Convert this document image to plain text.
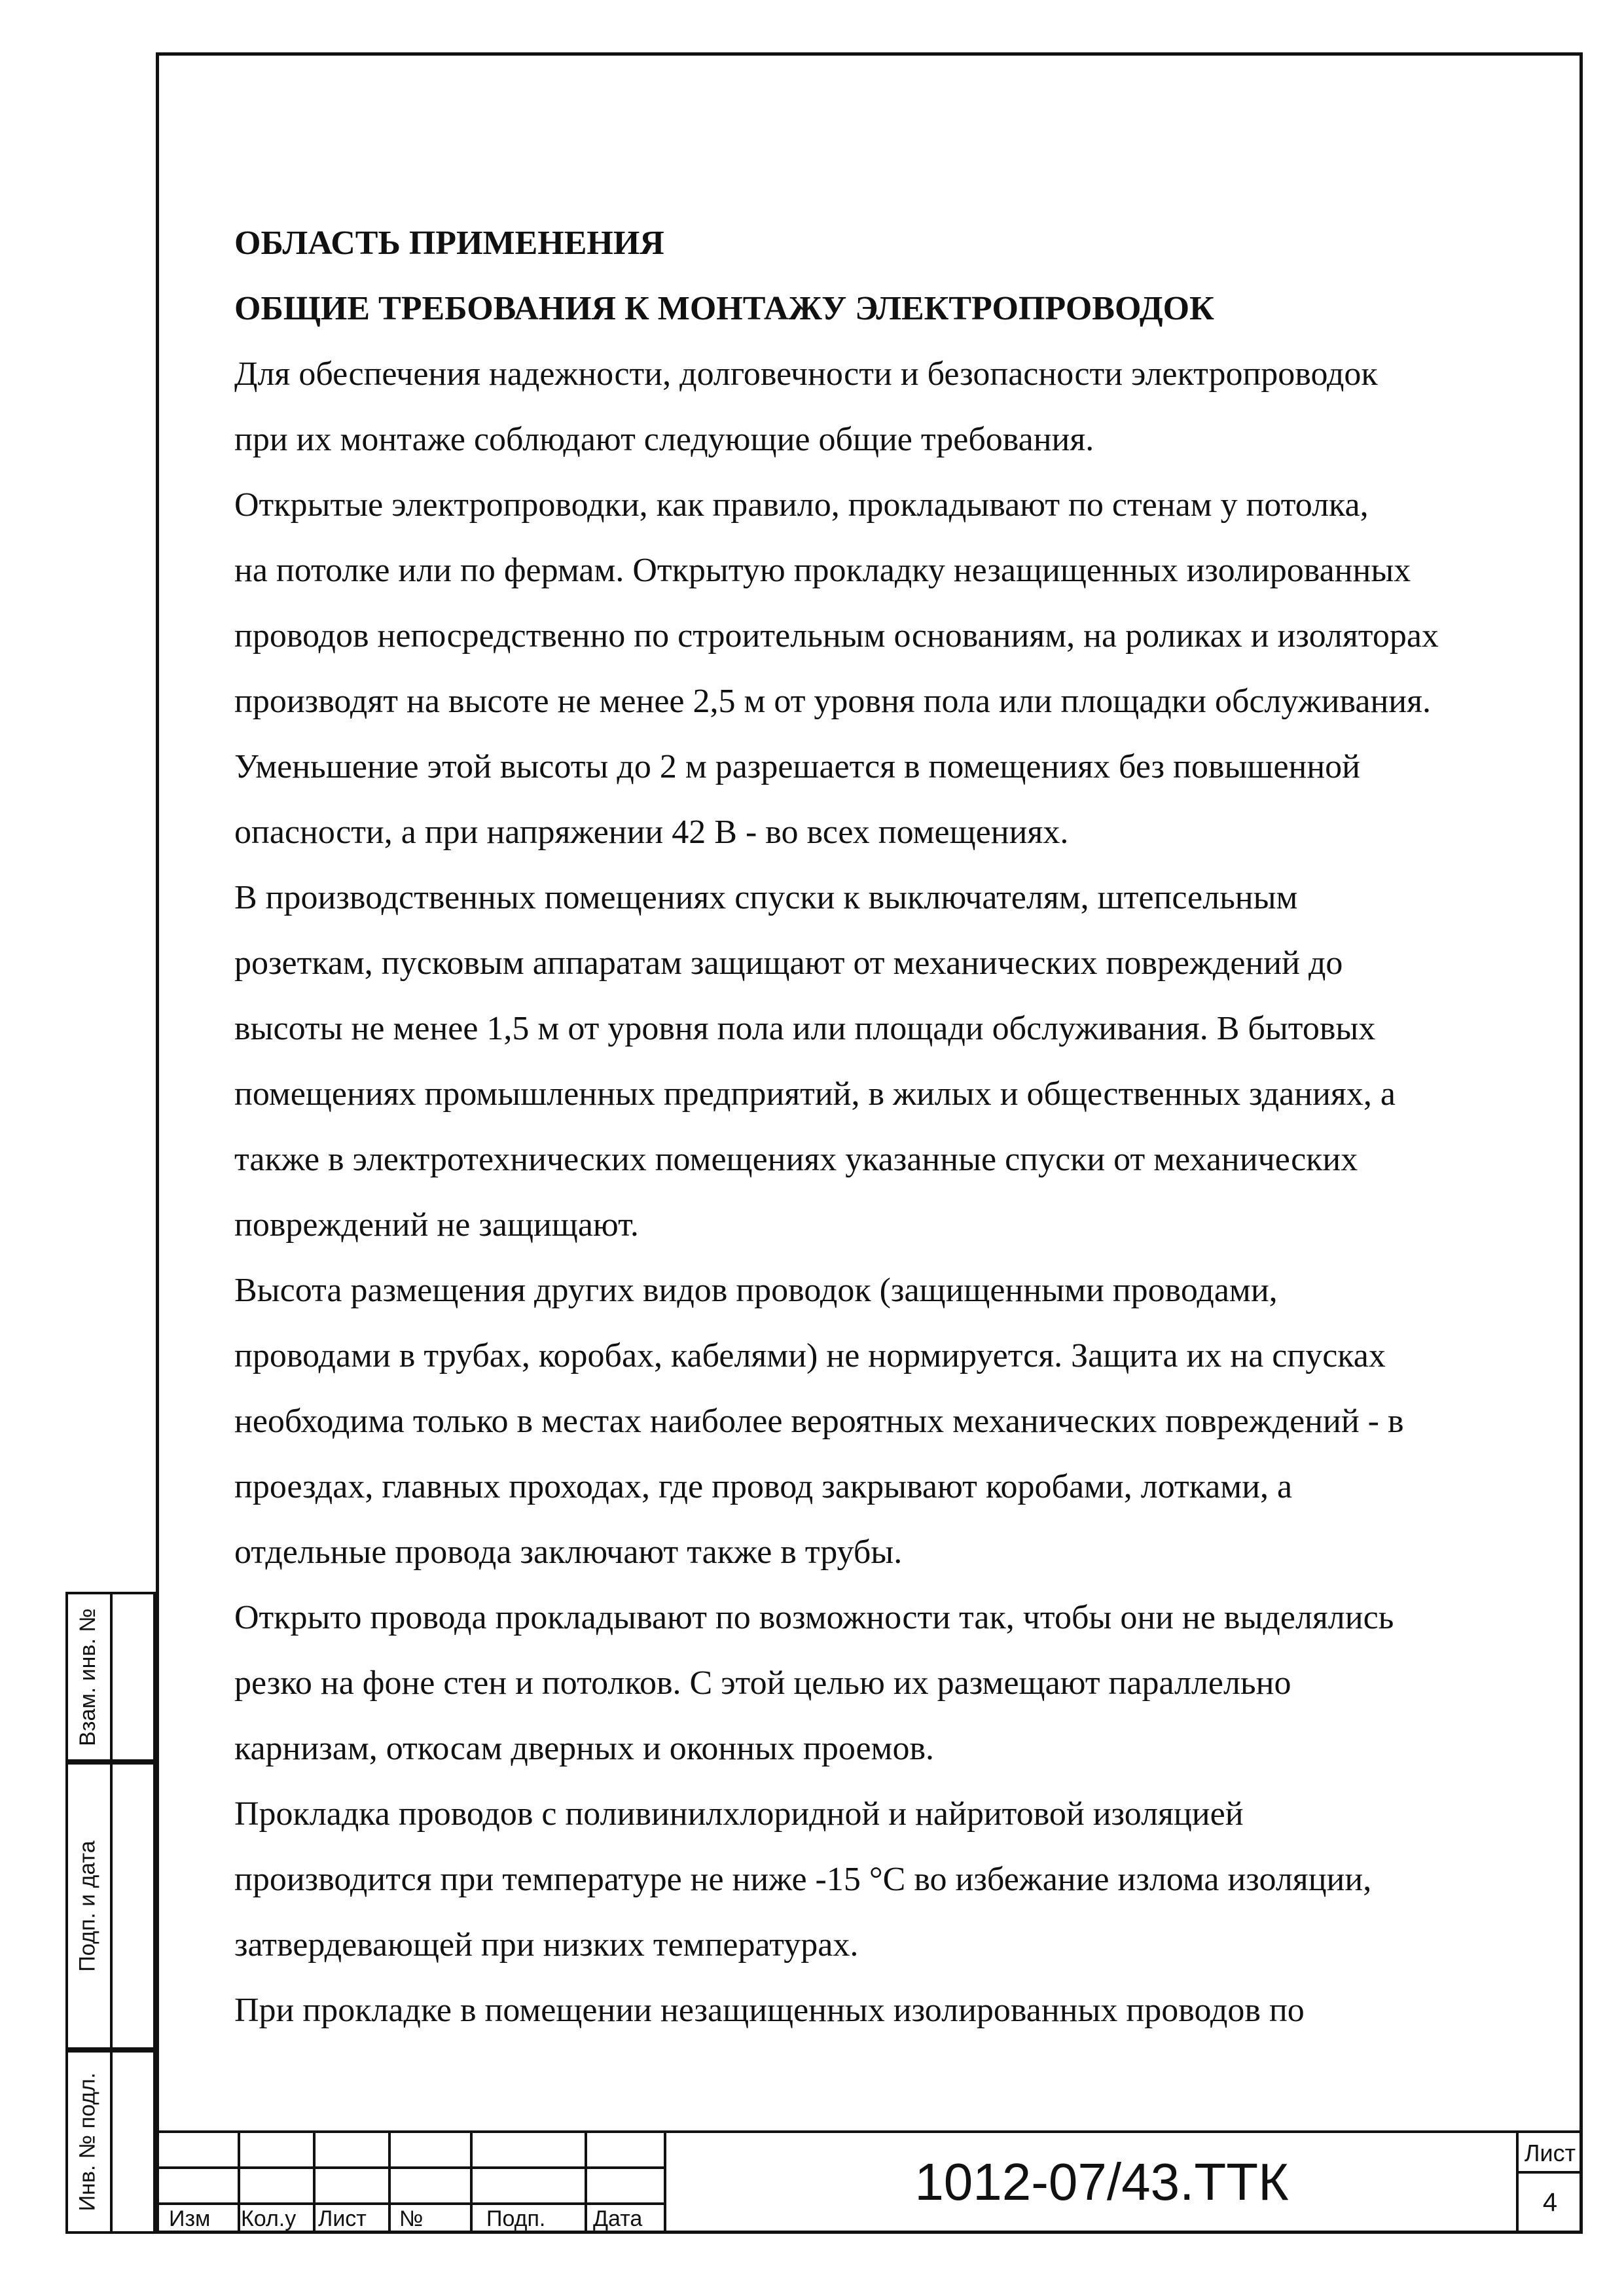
ОБЛАСТЬ ПРИМЕНЕНИЯ

ОБЩИЕ ТРЕБОВАНИЯ К МОНТАЖУ ЭЛЕКТРОПРОВОДОК

Для обеспечения надежности, долговечности и безопасности электропроводок
при их монтаже соблюдают следующие общие требования.

Открытые электропроводки, как правило, прокладывают по стенам у потолка,
на потолке или по фермам. Открытую прокладку незащищенных изолированных
проводов непосредственно по строительным основаниям, на роликах и изоляторах
производят на высоте не менее 2,5 м от уровня пола или площадки обслуживания.
Уменьшение этой высоты до 2 м разрешается в помещениях без повышенной
опасности, а при напряжении 42 В - во всех помещениях.

В производственных помещениях спуски к выключателям, штепсельным
розеткам, пусковым аппаратам защищают от механических повреждений до
высоты не менее 1,5 м от уровня пола или площади обслуживания. В бытовых
помещениях промышленных предприятий, в жилых и общественных зданиях, а
также в электротехнических помещениях указанные спуски от механических
повреждений не защищают.

Высота размещения других видов проводок (защищенными проводами,
проводами в трубах, коробах, кабелями) не нормируется. Защита их на спусках
необходима только в местах наиболее вероятных механических повреждений - в
проездах, главных проходах, где провод закрывают коробами, лотками, а
отдельные провода заключают также в трубы.

Открыто провода прокладывают по возможности так, чтобы они не выделялись
резко на фоне стен и потолков. С этой целью их размещают параллельно
карнизам, откосам дверных и оконных проемов.

Прокладка проводов с поливинилхлоридной и найритовой изоляцией
производится при температуре не ниже -15 °С во избежание излома изоляции,
затвердевающей при низких температурах.

При прокладке в помещении незащищенных изолированных проводов по

Взам. инв. №
Подп. и дата
Инв. № подл.
Изм	Кол.у Лист	№	Подп.	Дата
1012-07/43.ТТК	Лист
4
